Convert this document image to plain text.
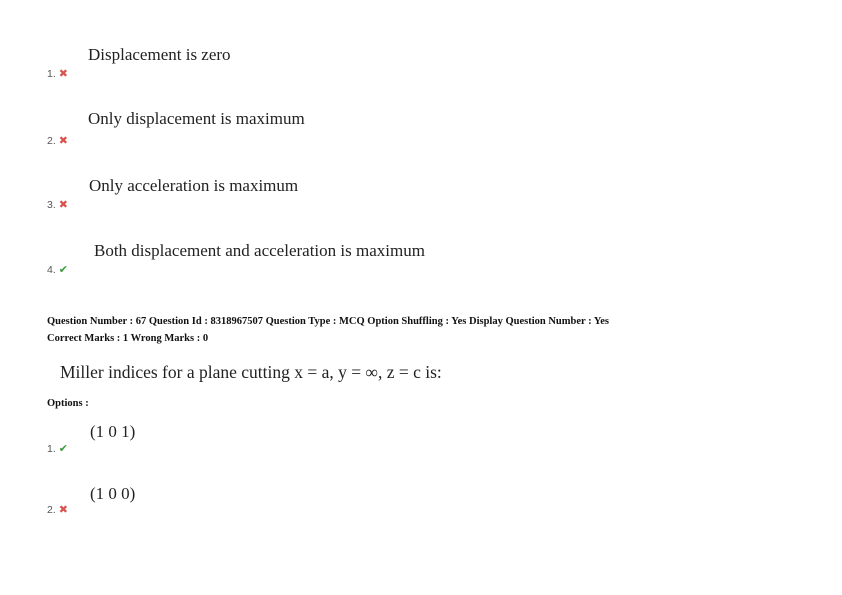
Displacement is zero
1. ✖
Only displacement is maximum
2. ✖
Only acceleration is maximum
3. ✖
Both displacement and acceleration is maximum
4. ✔
Question Number : 67 Question Id : 8318967507 Question Type : MCQ Option Shuffling : Yes Display Question Number : Yes
Correct Marks : 1 Wrong Marks : 0
Miller indices for a plane cutting x = a, y = ∞, z = c is:
Options :
(1 0 1)
1. ✔
(1 0 0)
2. ✖
